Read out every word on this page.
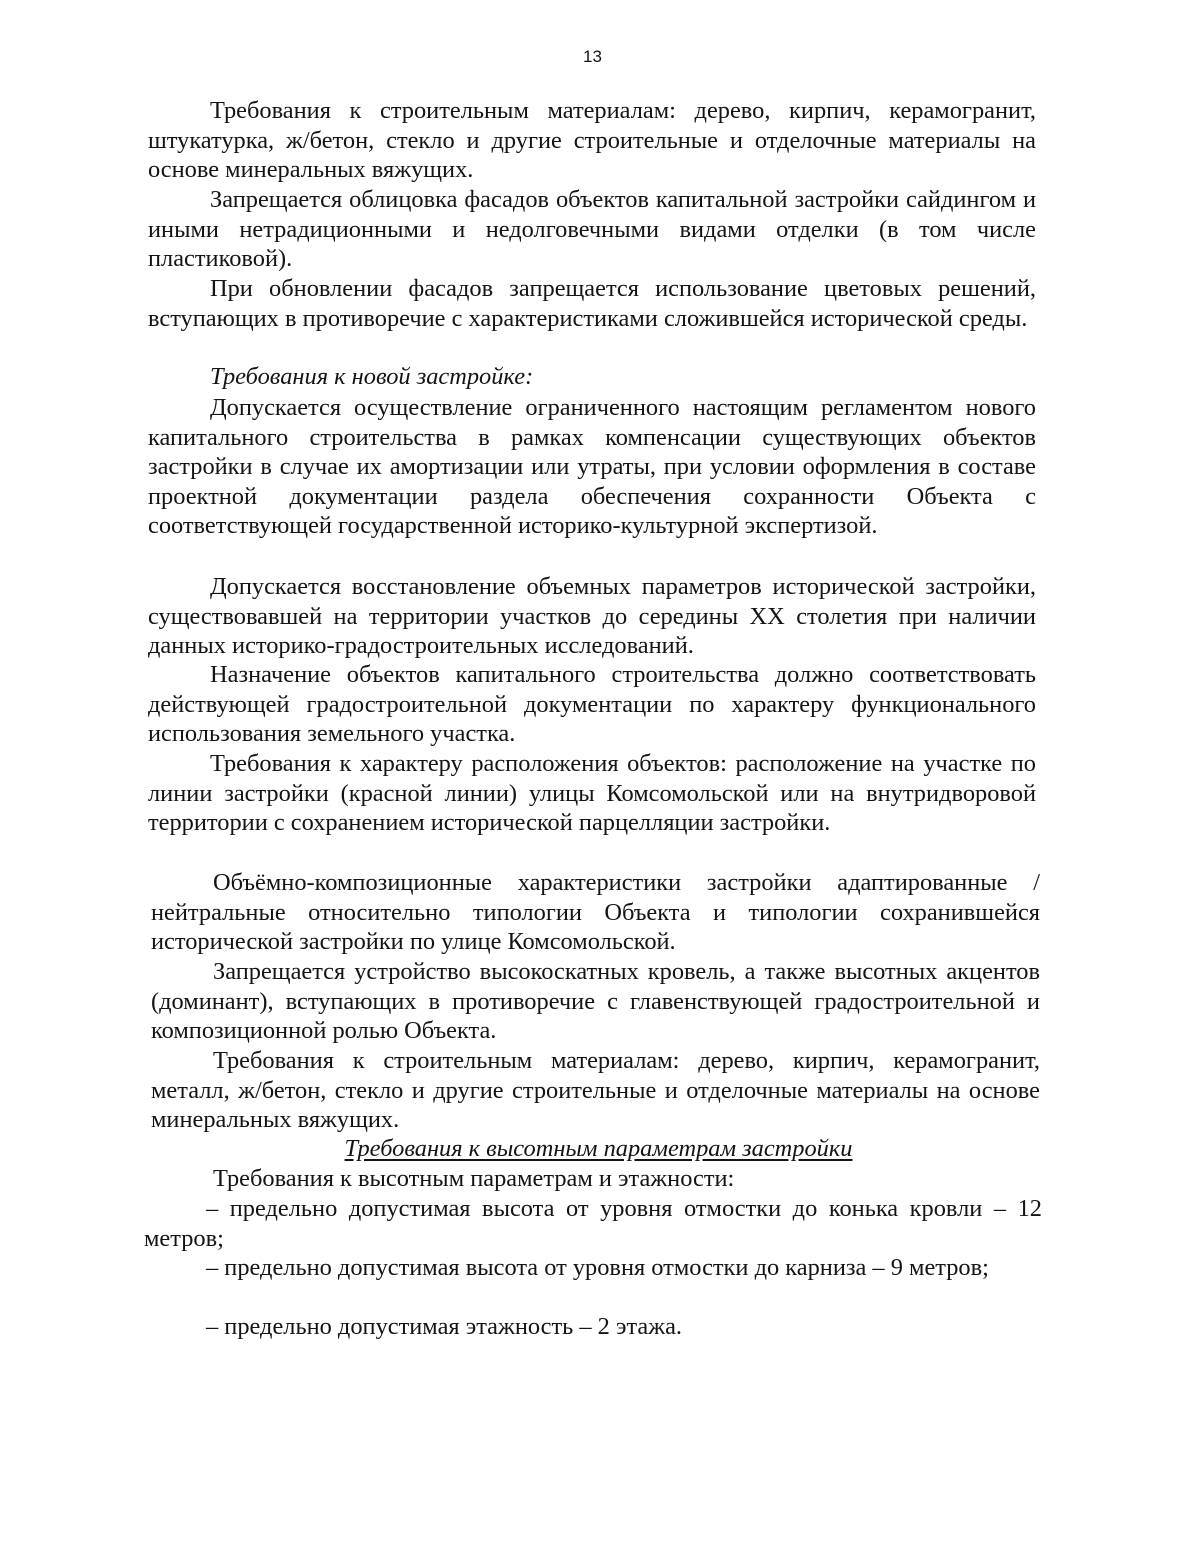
13

Требования к строительным материалам: дерево, кирпич, керамогранит, штукатурка, ж/бетон, стекло и другие строительные и отделочные материалы на основе минеральных вяжущих.

Запрещается облицовка фасадов объектов капитальной застройки сайдингом и иными нетрадиционными и недолговечными видами отделки (в том числе пластиковой).

При обновлении фасадов запрещается использование цветовых решений, вступающих в противоречие с характеристиками сложившейся исторической среды.

Требования к новой застройке:

Допускается осуществление ограниченного настоящим регламентом нового капитального строительства в рамках компенсации существующих объектов застройки в случае их амортизации или утраты, при условии оформления в составе проектной документации раздела обеспечения сохранности Объекта с соответствующей государственной историко-культурной экспертизой.

Допускается восстановление объемных параметров исторической застройки, существовавшей на территории участков до середины XX столетия при наличии данных историко-градостроительных исследований.

Назначение объектов капитального строительства должно соответствовать действующей градостроительной документации по характеру функционального использования земельного участка.

Требования к характеру расположения объектов: расположение на участке по линии застройки (красной линии) улицы Комсомольской или на внутридворовой территории с сохранением исторической парцелляции застройки.

Объёмно-композиционные характеристики застройки адаптированные /нейтральные относительно типологии Объекта и типологии сохранившейся исторической застройки по улице Комсомольской.

Запрещается устройство высокоскатных кровель, а также высотных акцентов (доминант), вступающих в противоречие с главенствующей градостроительной и композиционной ролью Объекта.

Требования к строительным материалам: дерево, кирпич, керамогранит, металл, ж/бетон, стекло и другие строительные и отделочные материалы на основе минеральных вяжущих.

Требования к высотным параметрам застройки

Требования к высотным параметрам и этажности:

– предельно допустимая высота от уровня отмостки до конька кровли – 12 метров;

– предельно допустимая высота от уровня отмостки до карниза – 9 метров;

– предельно допустимая этажность – 2 этажа.
